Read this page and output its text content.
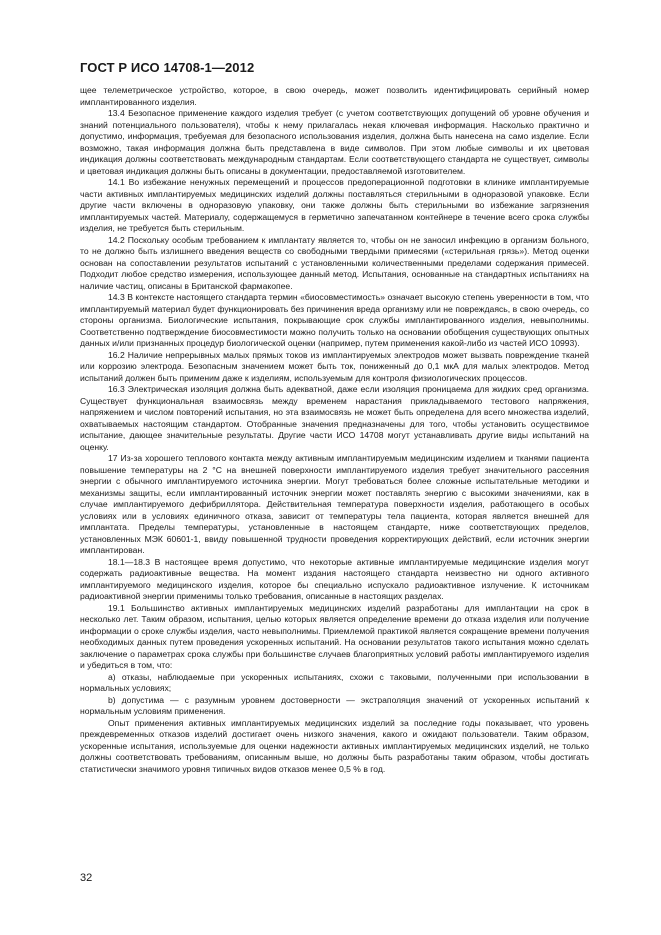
ГОСТ Р ИСО 14708-1—2012

щее телеметрическое устройство, которое, в свою очередь, может позволить идентифицировать серийный номер имплантированного изделия.

13.4 Безопасное применение каждого изделия требует (с учетом соответствующих допущений об уровне обучения и знаний потенциального пользователя), чтобы к нему прилагалась некая ключевая информация. Насколько практично и допустимо, информация, требуемая для безопасного использования изделия, должна быть нанесена на само изделие. Если возможно, такая информация должна быть представлена в виде символов. При этом любые символы и их цветовая индикация должны соответствовать международным стандартам. Если соответствующего стандарта не существует, символы и цветовая индикация должны быть описаны в документации, предоставляемой изготовителем.

14.1 Во избежание ненужных перемещений и процессов предоперационной подготовки в клинике имплантируемые части активных имплантируемых медицинских изделий должны поставляться стерильными в одноразовой упаковке. Если другие части включены в одноразовую упаковку, они также должны быть стерильными во избежание загрязнения имплантируемых частей. Материалу, содержащемуся в герметично запечатанном контейнере в течение всего срока службы изделия, не требуется быть стерильным.

14.2 Поскольку особым требованием к имплантату является то, чтобы он не заносил инфекцию в организм больного, то не должно быть излишнего введения веществ со свободными твердыми примесями («стерильная грязь»). Метод оценки основан на сопоставлении результатов испытаний с установленными количественными пределами содержания примесей. Подходит любое средство измерения, использующее данный метод. Испытания, основанные на стандартных испытаниях на наличие частиц, описаны в Британской фармакопее.

14.3 В контексте настоящего стандарта термин «биосовместимость» означает высокую степень уверенности в том, что имплантируемый материал будет функционировать без причинения вреда организму или не повреждаясь, в свою очередь, со стороны организма. Биологические испытания, покрывающие срок службы имплантированного изделия, невыполнимы. Соответственно подтверждение биосовместимости можно получить только на основании обобщения существующих опытных данных и/или признанных процедур биологической оценки (например, путем применения какой-либо из частей ИСО 10993).

16.2 Наличие непрерывных малых прямых токов из имплантируемых электродов может вызвать повреждение тканей или коррозию электрода. Безопасным значением может быть ток, пониженный до 0,1 мкА для малых электродов. Метод испытаний должен быть применим даже к изделиям, используемым для контроля физиологических процессов.

16.3 Электрическая изоляция должна быть адекватной, даже если изоляция проницаема для жидких сред организма. Существует функциональная взаимосвязь между временем нарастания прикладываемого тестового напряжения, напряжением и числом повторений испытания, но эта взаимосвязь не может быть определена для всего множества изделий, охватываемых настоящим стандартом. Отобранные значения предназначены для того, чтобы установить осуществимое испытание, дающее значительные результаты. Другие части ИСО 14708 могут устанавливать другие виды испытаний на оценку.

17 Из-за хорошего теплового контакта между активным имплантируемым медицинским изделием и тканями пациента повышение температуры на 2 °С на внешней поверхности имплантируемого изделия требует значительного рассеяния энергии с обычного имплантируемого источника энергии. Могут требоваться более сложные испытательные методики и механизмы защиты, если имплантированный источник энергии может поставлять энергию с высокими значениями, как в случае имплантируемого дефибриллятора. Действительная температура поверхности изделия, работающего в особых условиях или в условиях единичного отказа, зависит от температуры тела пациента, которая является внешней для имплантата. Пределы температуры, установленные в настоящем стандарте, ниже соответствующих пределов, установленных МЭК 60601-1, ввиду повышенной трудности проведения корректирующих действий, если источник энергии имплантирован.

18.1—18.3 В настоящее время допустимо, что некоторые активные имплантируемые медицинские изделия могут содержать радиоактивные вещества. На момент издания настоящего стандарта неизвестно ни одного активного имплантируемого медицинского изделия, которое бы специально испускало радиоактивное излучение. К источникам радиоактивной энергии применимы только требования, описанные в настоящих разделах.

19.1 Большинство активных имплантируемых медицинских изделий разработаны для имплантации на срок в несколько лет. Таким образом, испытания, целью которых является определение времени до отказа изделия или получение информации о сроке службы изделия, часто невыполнимы. Приемлемой практикой является сокращение времени получения необходимых данных путем проведения ускоренных испытаний. На основании результатов такого испытания можно сделать заключение о параметрах срока службы при большинстве случаев благоприятных условий работы имплантируемого изделия и убедиться в том, что:

a) отказы, наблюдаемые при ускоренных испытаниях, схожи с таковыми, полученными при использовании в нормальных условиях;

b) допустима — с разумным уровнем достоверности — экстраполяция значений от ускоренных испытаний к нормальным условиям применения.

Опыт применения активных имплантируемых медицинских изделий за последние годы показывает, что уровень преждевременных отказов изделий достигает очень низкого значения, какого и ожидают пользователи. Таким образом, ускоренные испытания, используемые для оценки надежности активных имплантируемых медицинских изделий, не только должны соответствовать требованиям, описанным выше, но должны быть разработаны таким образом, чтобы достигать статистически значимого уровня типичных видов отказов менее 0,5 % в год.

32
